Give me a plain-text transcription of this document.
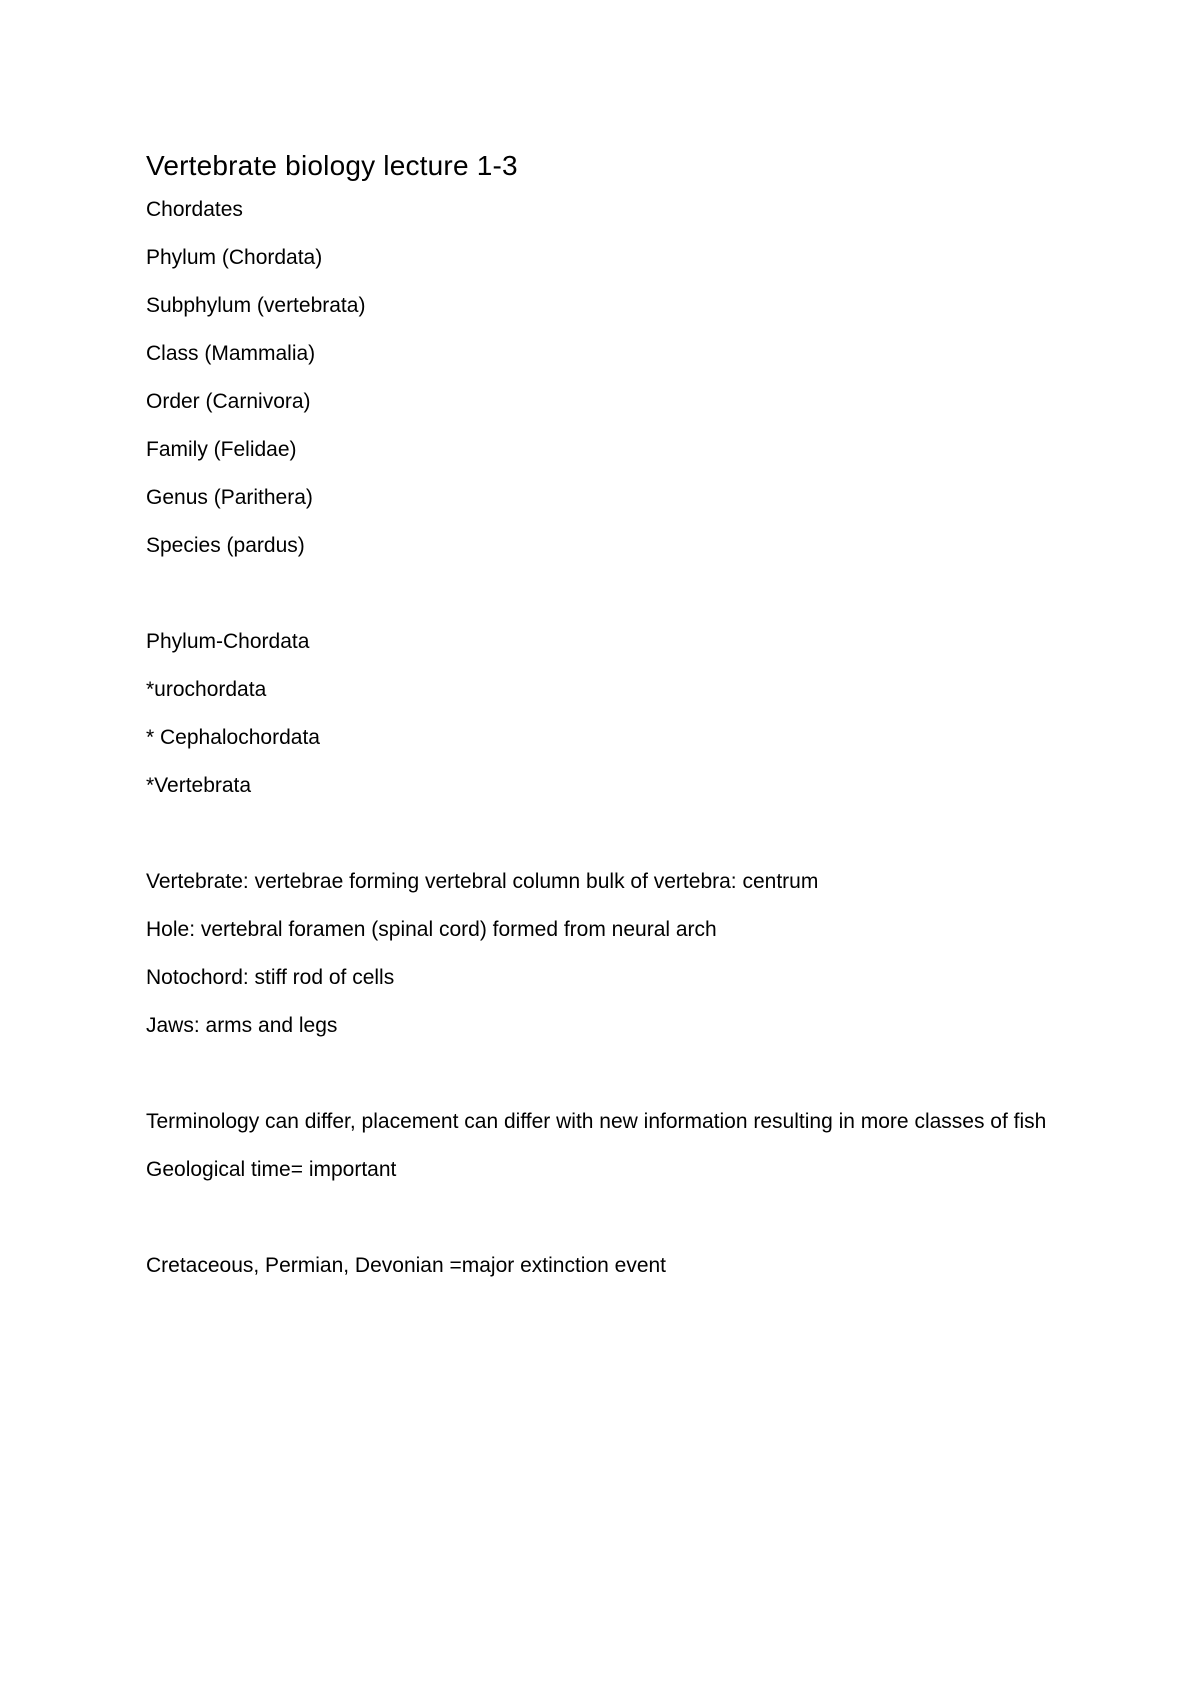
Vertebrate biology lecture 1-3
Chordates
Phylum (Chordata)
Subphylum (vertebrata)
Class (Mammalia)
Order (Carnivora)
Family (Felidae)
Genus (Parithera)
Species (pardus)
Phylum-Chordata
*urochordata
* Cephalochordata
*Vertebrata
Vertebrate: vertebrae forming vertebral column bulk of vertebra: centrum
Hole: vertebral foramen (spinal cord) formed from neural arch
Notochord: stiff rod of cells
Jaws: arms and legs
Terminology can differ, placement can differ with new information resulting in more classes of fish
Geological time= important
Cretaceous, Permian, Devonian =major extinction event
